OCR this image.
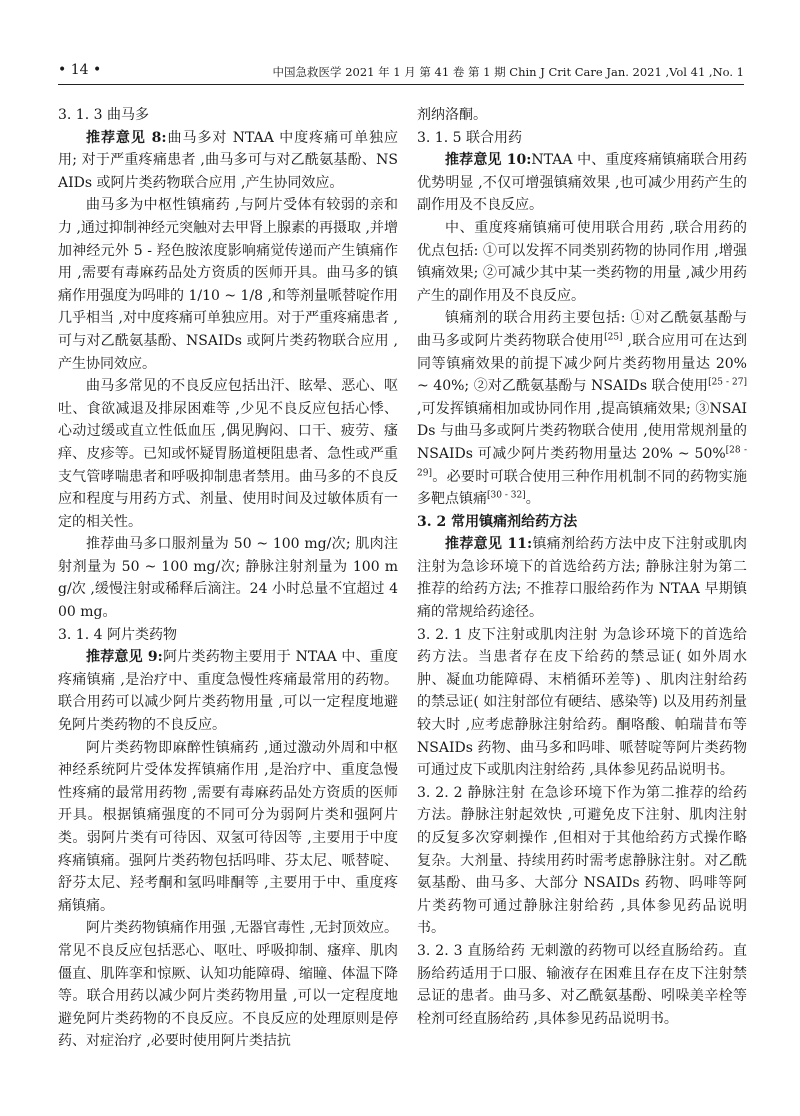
• 14 •	中国急救医学 2021 年 1 月 第 41 卷 第 1 期 Chin J Crit Care Jan. 2021 ,Vol 41 ,No. 1

3. 1. 3 曲马多

推荐意见 8:曲马多对 NTAA 中度疼痛可单独应用; 对于严重疼痛患者 ,曲马多可与对乙酰氨基酚、NSAIDs 或阿片类药物联合应用 ,产生协同效应。

曲马多为中枢性镇痛药 ,与阿片受体有较弱的亲和力 ,通过抑制神经元突触对去甲肾上腺素的再摄取 ,并增加神经元外 5 - 羟色胺浓度影响痛觉传递而产生镇痛作用 ,需要有毒麻药品处方资质的医师开具。曲马多的镇痛作用强度为吗啡的 1/10 ~ 1/8 ,和等剂量哌替啶作用几乎相当 ,对中度疼痛可单独应用。对于严重疼痛患者 ,可与对乙酰氨基酚、NSAIDs 或阿片类药物联合应用 ,产生协同效应。

曲马多常见的不良反应包括出汗、眩晕、恶心、呕吐、食欲减退及排尿困难等 ,少见不良反应包括心悸、心动过缓或直立性低血压 ,偶见胸闷、口干、疲劳、瘙痒、皮疹等。已知或怀疑胃肠道梗阻患者、急性或严重支气管哮喘患者和呼吸抑制患者禁用。曲马多的不良反应和程度与用药方式、剂量、使用时间及过敏体质有一定的相关性。

推荐曲马多口服剂量为 50 ~ 100 mg/次; 肌肉注射剂量为 50 ~ 100 mg/次; 静脉注射剂量为 100 mg/次 ,缓慢注射或稀释后滴注。24 小时总量不宜超过 400 mg。

3. 1. 4 阿片类药物

推荐意见 9:阿片类药物主要用于 NTAA 中、重度疼痛镇痛 ,是治疗中、重度急慢性疼痛最常用的药物。联合用药可以减少阿片类药物用量 ,可以一定程度地避免阿片类药物的不良反应。

阿片类药物即麻醉性镇痛药 ,通过激动外周和中枢神经系统阿片受体发挥镇痛作用 ,是治疗中、重度急慢性疼痛的最常用药物 ,需要有毒麻药品处方资质的医师开具。根据镇痛强度的不同可分为弱阿片类和强阿片类。弱阿片类有可待因、双氢可待因等 ,主要用于中度疼痛镇痛。强阿片类药物包括吗啡、芬太尼、哌替啶、舒芬太尼、羟考酮和氢吗啡酮等 ,主要用于中、重度疼痛镇痛。

阿片类药物镇痛作用强 ,无器官毒性 ,无封顶效应。常见不良反应包括恶心、呕吐、呼吸抑制、瘙痒、肌肉僵直、肌阵挛和惊厥、认知功能障碍、缩瞳、体温下降等。联合用药以减少阿片类药物用量 ,可以一定程度地避免阿片类药物的不良反应。不良反应的处理原则是停药、对症治疗 ,必要时使用阿片类拮抗

剂纳洛酮。

3. 1. 5 联合用药

推荐意见 10:NTAA 中、重度疼痛镇痛联合用药优势明显 ,不仅可增强镇痛效果 ,也可减少用药产生的副作用及不良反应。

中、重度疼痛镇痛可使用联合用药 ,联合用药的优点包括: ①可以发挥不同类别药物的协同作用 ,增强镇痛效果; ②可减少其中某一类药物的用量 ,减少用药产生的副作用及不良反应。

镇痛剂的联合用药主要包括: ①对乙酰氨基酚与曲马多或阿片类药物联合使用[25] ,联合应用可在达到同等镇痛效果的前提下减少阿片类药物用量达 20% ~ 40%; ②对乙酰氨基酚与 NSAIDs 联合使用[25 - 27] ,可发挥镇痛相加或协同作用 ,提高镇痛效果; ③NSAIDs 与曲马多或阿片类药物联合使用 ,使用常规剂量的 NSAIDs 可减少阿片类药物用量达 20% ~ 50%[28 - 29]。必要时可联合使用三种作用机制不同的药物实施多靶点镇痛[30 - 32]。

3. 2 常用镇痛剂给药方法

推荐意见 11:镇痛剂给药方法中皮下注射或肌肉注射为急诊环境下的首选给药方法; 静脉注射为第二推荐的给药方法; 不推荐口服给药作为 NTAA 早期镇痛的常规给药途径。

3. 2. 1 皮下注射或肌肉注射 为急诊环境下的首选给药方法。当患者存在皮下给药的禁忌证( 如外周水肿、凝血功能障碍、末梢循环差等) 、肌肉注射给药的禁忌证( 如注射部位有硬结、感染等) 以及用药剂量较大时 ,应考虑静脉注射给药。酮咯酸、帕瑞昔布等 NSAIDs 药物、曲马多和吗啡、哌替啶等阿片类药物可通过皮下或肌肉注射给药 ,具体参见药品说明书。

3. 2. 2 静脉注射 在急诊环境下作为第二推荐的给药方法。静脉注射起效快 ,可避免皮下注射、肌肉注射的反复多次穿刺操作 ,但相对于其他给药方式操作略复杂。大剂量、持续用药时需考虑静脉注射。对乙酰氨基酚、曲马多、大部分 NSAIDs 药物、吗啡等阿片类药物可通过静脉注射给药 ,具体参见药品说明书。

3. 2. 3 直肠给药 无刺激的药物可以经直肠给药。直肠给药适用于口服、输液存在困难且存在皮下注射禁忌证的患者。曲马多、对乙酰氨基酚、吲哚美辛栓等栓剂可经直肠给药 ,具体参见药品说明书。
